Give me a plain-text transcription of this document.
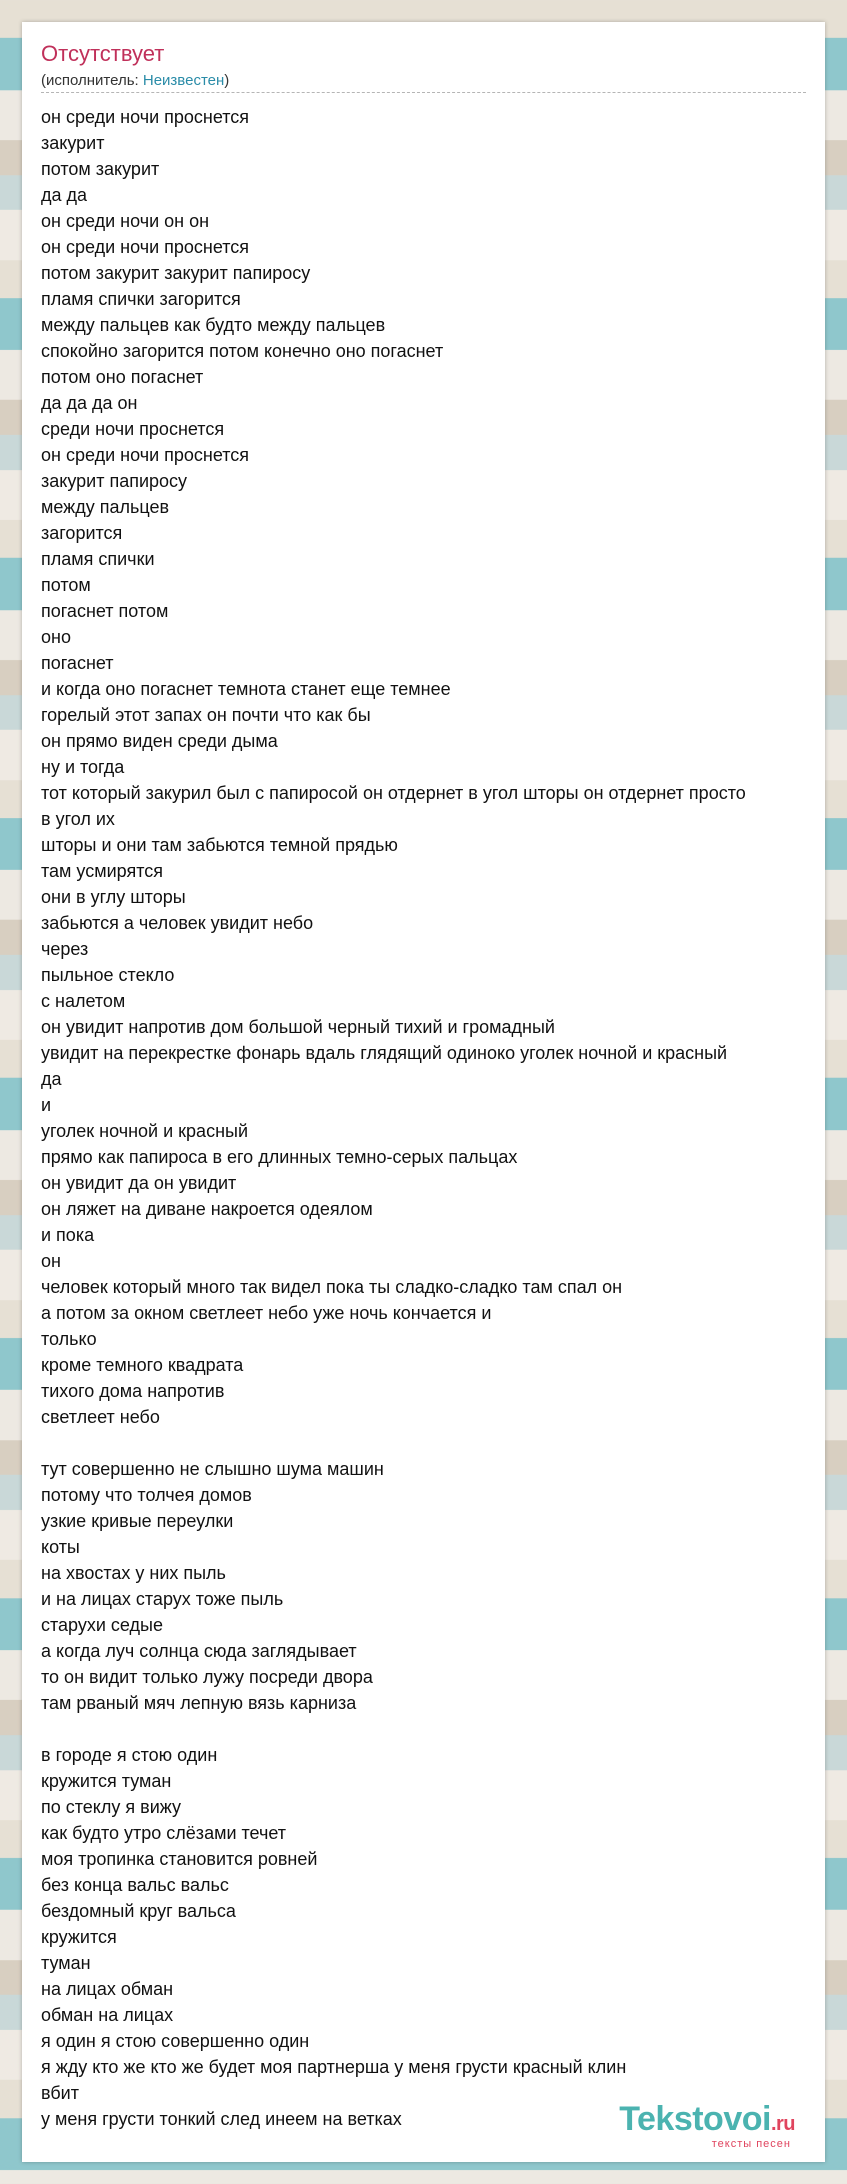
Отсутствует
(исполнитель: Неизвестен)
он среди ночи проснется
закурит
потом закурит
да да
он среди ночи он он
он среди ночи проснется
потом закурит закурит папиросу
пламя спички загорится
между пальцев как будто между пальцев
спокойно загорится потом конечно оно погаснет
потом оно погаснет
да да да он
среди ночи проснется
он среди ночи проснется
закурит папиросу
между пальцев
загорится
пламя спички
потом
погаснет потом
оно
погаснет
и когда оно погаснет темнота станет еще темнее
горелый этот запах он почти что как бы
он прямо виден среди дыма
ну и тогда
тот который закурил был с папиросой он отдернет в угол шторы он отдернет просто
в угол их
шторы и они там забьются темной прядью
там усмирятся
они в углу шторы
забьются а человек увидит небо
через
пыльное стекло
с налетом
он увидит напротив дом большой черный тихий и громадный
увидит на перекрестке фонарь вдаль глядящий одиноко уголек ночной и красный
да
и
уголек ночной и красный
прямо как папироса в его длинных темно-серых пальцах
он увидит да он увидит
он ляжет на диване накроется одеялом
и пока
он
человек который много так видел пока ты сладко-сладко там спал он
а потом за окном светлеет небо уже ночь кончается и
только
кроме темного квадрата
тихого дома напротив
светлеет небо
тут совершенно не слышно шума машин
потому что толчея домов
узкие кривые переулки
коты
на хвостах у них пыль
и на лицах старух тоже пыль
старухи седые
а когда луч солнца сюда заглядывает
то он видит только лужу посреди двора
там рваный мяч лепную вязь карниза
в городе я стою один
кружится туман
по стеклу я вижу
как будто утро слёзами течет
моя тропинка становится ровней
без конца вальс вальс
бездомный круг вальса
кружится
туман
на лицах обман
обман на лицах
я один я стою совершенно один
я жду кто же кто же будет моя партнерша у меня грусти красный клин
вбит
у меня грусти тонкий след инеем на ветках	Tekstovoi.ru
тексты песен
